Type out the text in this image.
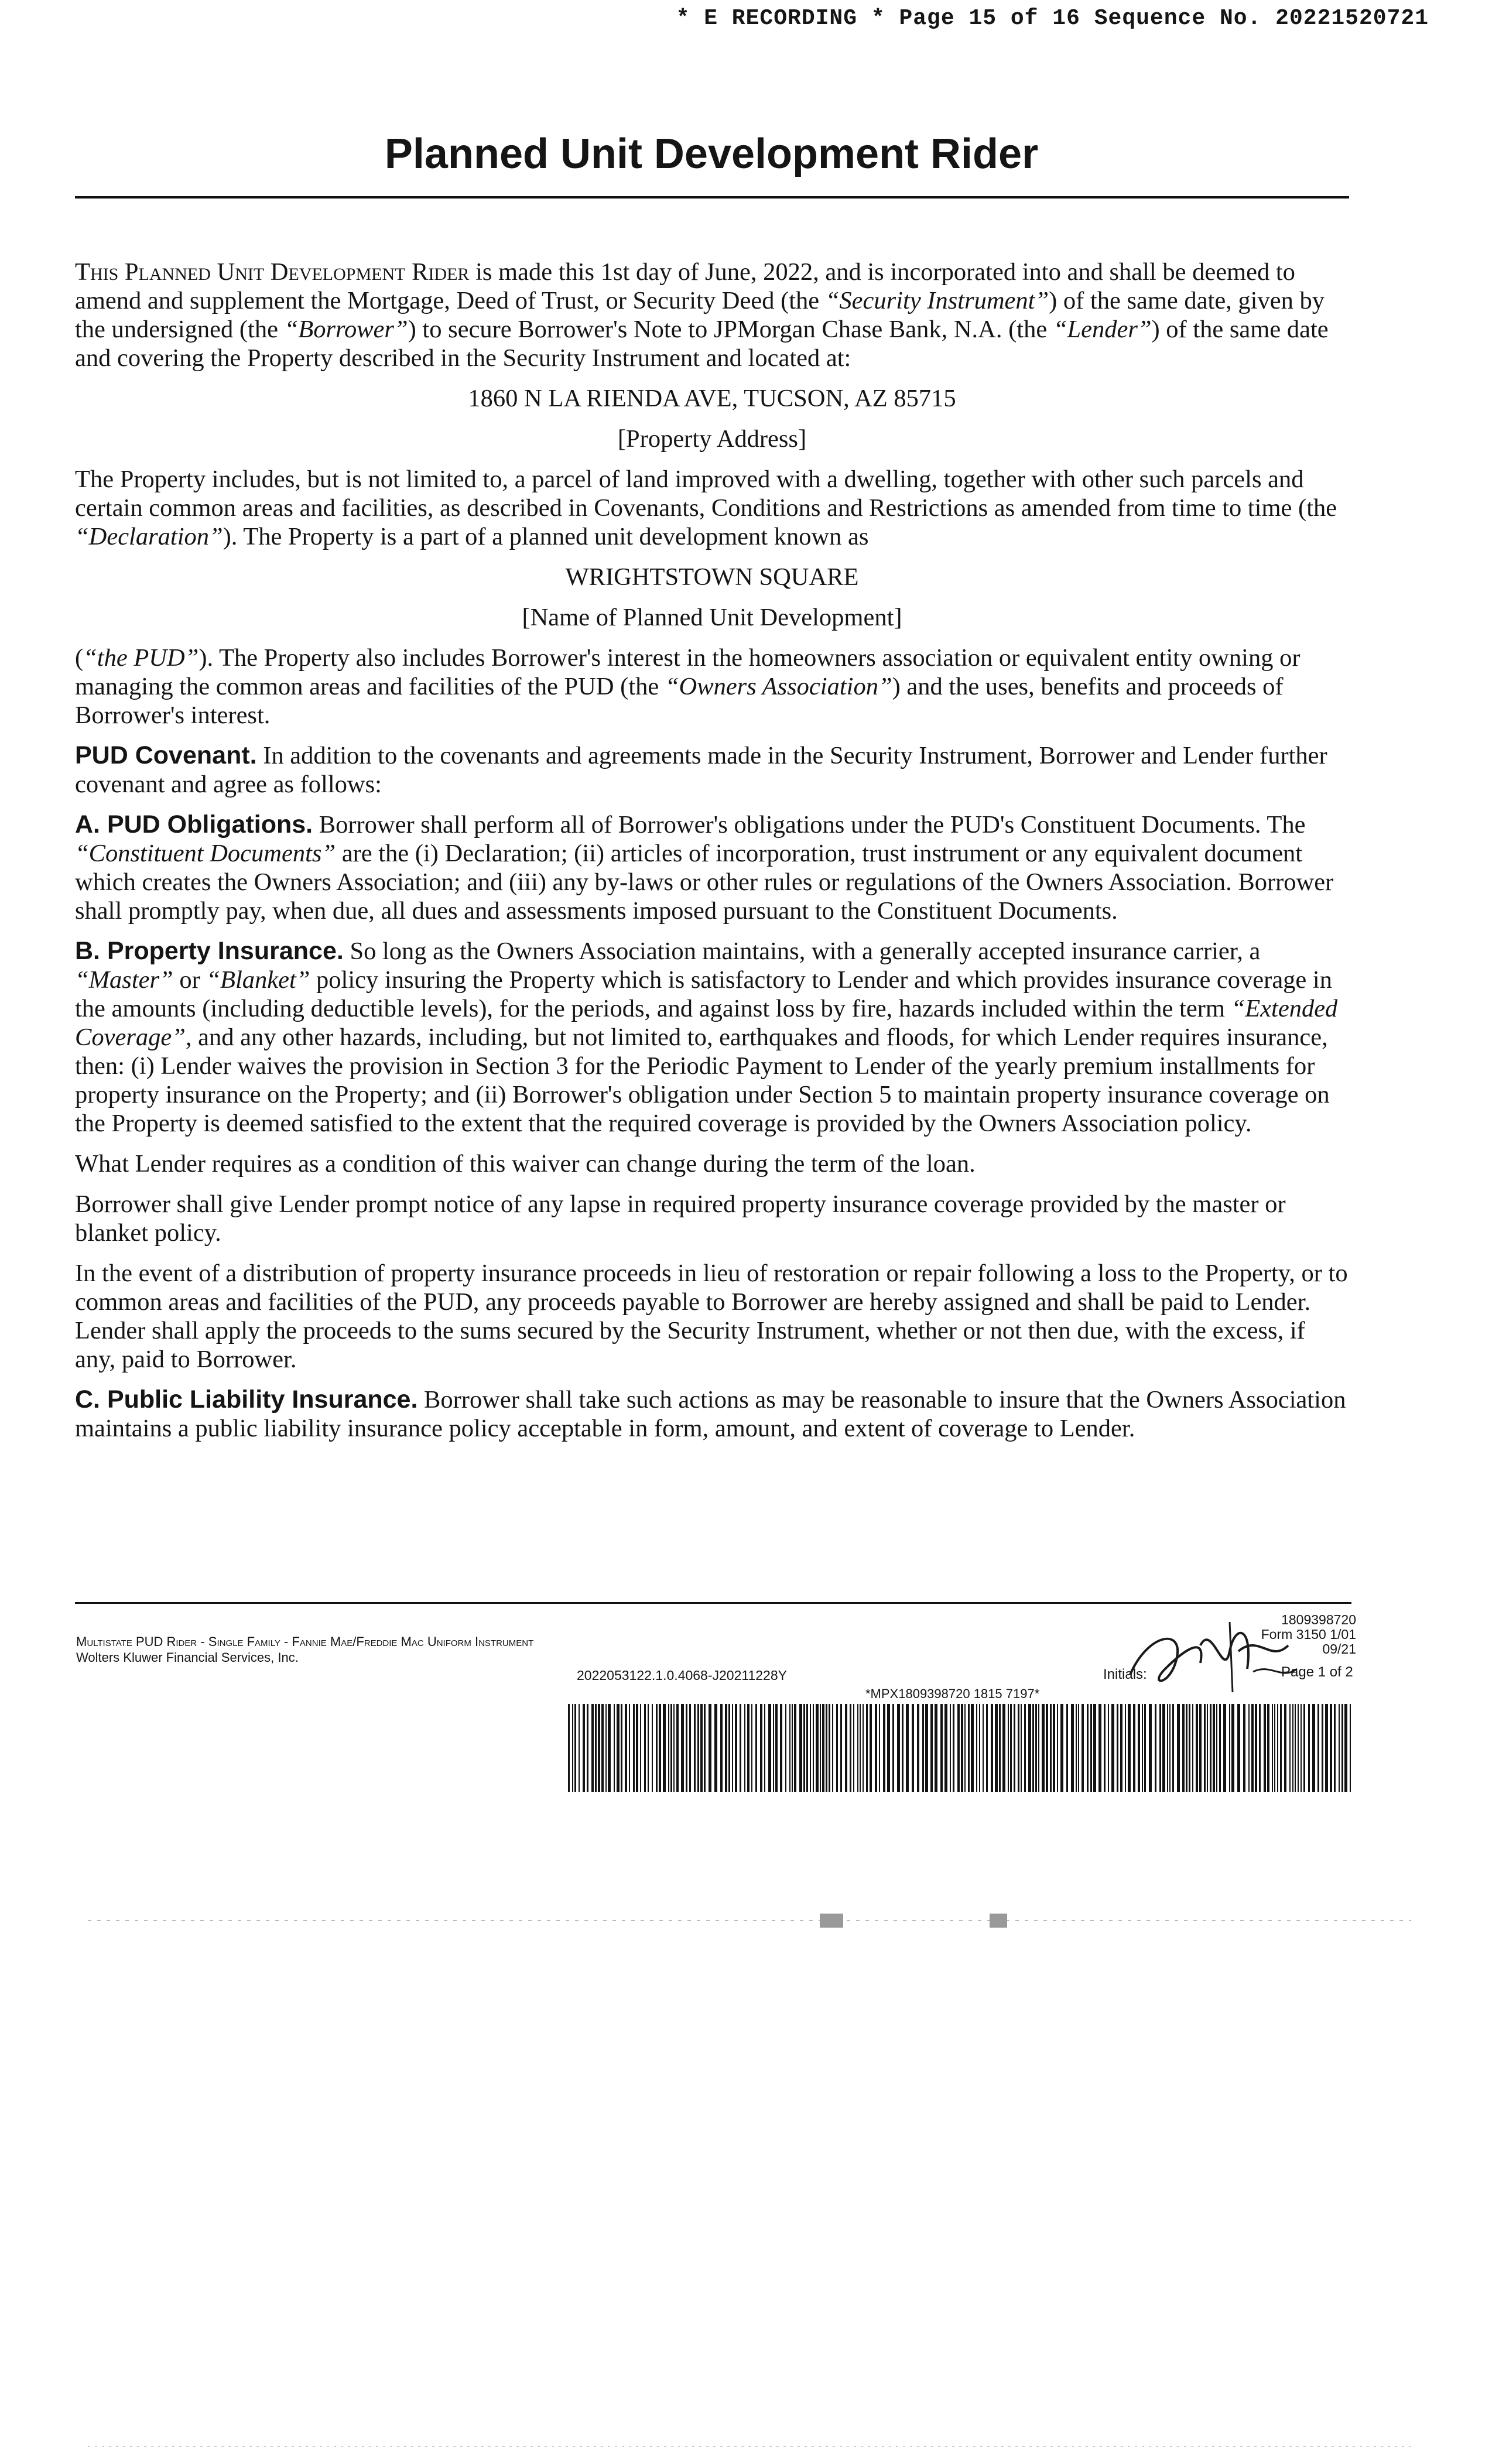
* E RECORDING * Page 15 of 16 Sequence No. 20221520721
Planned Unit Development Rider

This Planned Unit Development Rider is made this 1st day of June, 2022, and is incorporated into and shall be deemed to amend and supplement the Mortgage, Deed of Trust, or Security Deed (the “Security Instrument”) of the same date, given by the undersigned (the “Borrower”) to secure Borrower's Note to JPMorgan Chase Bank, N.A. (the “Lender”) of the same date and covering the Property described in the Security Instrument and located at:

1860 N LA RIENDA AVE, TUCSON, AZ 85715

[Property Address]

The Property includes, but is not limited to, a parcel of land improved with a dwelling, together with other such parcels and certain common areas and facilities, as described in Covenants, Conditions and Restrictions as amended from time to time (the “Declaration”). The Property is a part of a planned unit development known as

WRIGHTSTOWN SQUARE

[Name of Planned Unit Development]

(“the PUD”). The Property also includes Borrower's interest in the homeowners association or equivalent entity owning or managing the common areas and facilities of the PUD (the “Owners Association”) and the uses, benefits and proceeds of Borrower's interest.

PUD Covenant. In addition to the covenants and agreements made in the Security Instrument, Borrower and Lender further covenant and agree as follows:

A. PUD Obligations. Borrower shall perform all of Borrower's obligations under the PUD's Constituent Documents. The “Constituent Documents” are the (i) Declaration; (ii) articles of incorporation, trust instrument or any equivalent document which creates the Owners Association; and (iii) any by-laws or other rules or regulations of the Owners Association. Borrower shall promptly pay, when due, all dues and assessments imposed pursuant to the Constituent Documents.

B. Property Insurance. So long as the Owners Association maintains, with a generally accepted insurance carrier, a “Master” or “Blanket” policy insuring the Property which is satisfactory to Lender and which provides insurance coverage in the amounts (including deductible levels), for the periods, and against loss by fire, hazards included within the term “Extended Coverage”, and any other hazards, including, but not limited to, earthquakes and floods, for which Lender requires insurance, then: (i) Lender waives the provision in Section 3 for the Periodic Payment to Lender of the yearly premium installments for property insurance on the Property; and (ii) Borrower's obligation under Section 5 to maintain property insurance coverage on the Property is deemed satisfied to the extent that the required coverage is provided by the Owners Association policy.

What Lender requires as a condition of this waiver can change during the term of the loan.

Borrower shall give Lender prompt notice of any lapse in required property insurance coverage provided by the master or blanket policy.

In the event of a distribution of property insurance proceeds in lieu of restoration or repair following a loss to the Property, or to common areas and facilities of the PUD, any proceeds payable to Borrower are hereby assigned and shall be paid to Lender. Lender shall apply the proceeds to the sums secured by the Security Instrument, whether or not then due, with the excess, if any, paid to Borrower.

C. Public Liability Insurance. Borrower shall take such actions as may be reasonable to insure that the Owners Association maintains a public liability insurance policy acceptable in form, amount, and extent of coverage to Lender.

Multistate PUD Rider - Single Family - Fannie Mae/Freddie Mac Uniform Instrument
Wolters Kluwer Financial Services, Inc.
2022053122.1.0.4068-J20211228Y
1809398720
Form 3150 1/01
09/21
Initials:	Page 1 of 2
*MPX1809398720 1815 7197*
